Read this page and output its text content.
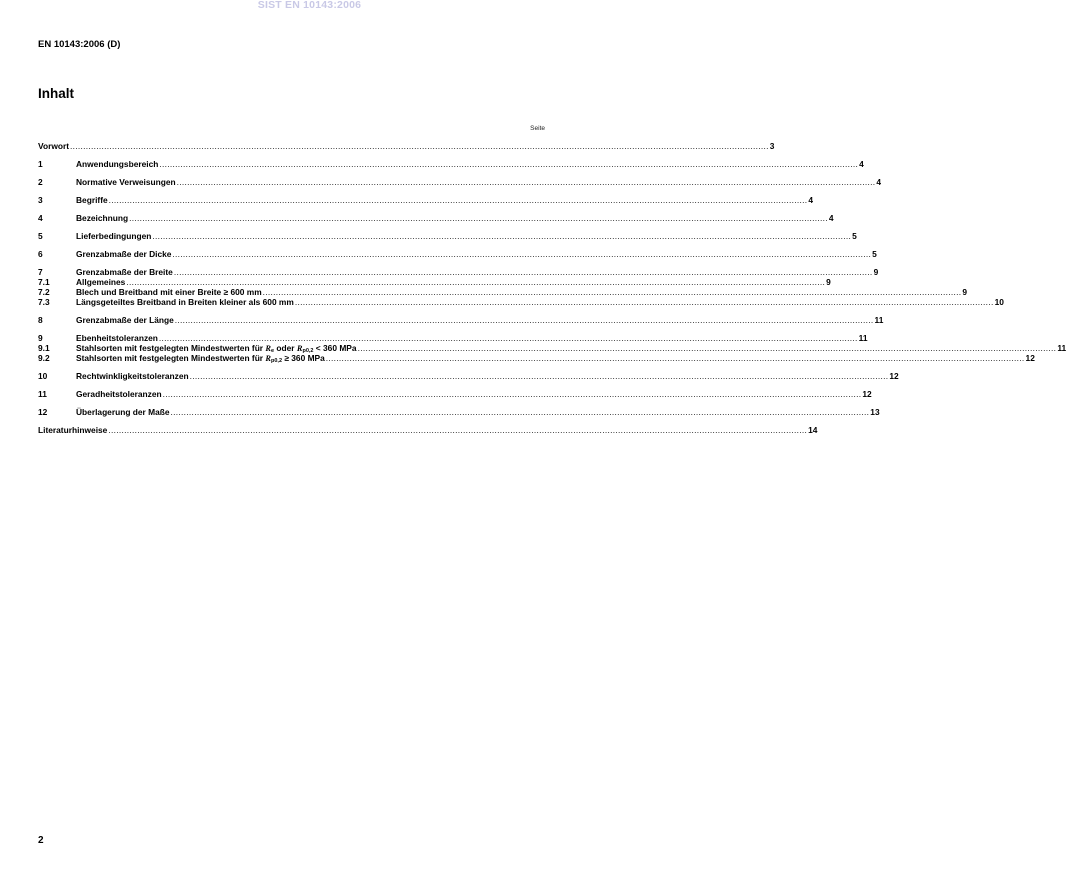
SIST EN 10143:2006
EN 10143:2006 (D)
Inhalt
Seite
Vorwort .......................................................................................................................................................................................................................................................................... 3
1	Anwendungsbereich .......................................................................................................................................................................................................................................................................... 4
2	Normative Verweisungen .......................................................................................................................................................................................................................................................................... 4
3	Begriffe .......................................................................................................................................................................................................................................................................... 4
4	Bezeichnung .......................................................................................................................................................................................................................................................................... 4
5	Lieferbedingungen .......................................................................................................................................................................................................................................................................... 5
6	Grenzabmaße der Dicke .......................................................................................................................................................................................................................................................................... 5
7	Grenzabmaße der Breite .......................................................................................................................................................................................................................................................................... 9
7.1	Allgemeines .......................................................................................................................................................................................................................................................................... 9
7.2	Blech und Breitband mit einer Breite ≥ 600 mm .......................................................................................................................................................................................................................................................................... 9
7.3	Längsgeteiltes Breitband in Breiten kleiner als 600 mm .......................................................................................................................................................................................................................................................................... 10
8	Grenzabmaße der Länge .......................................................................................................................................................................................................................................................................... 11
9	Ebenheitstoleranzen .......................................................................................................................................................................................................................................................................... 11
9.1	Stahlsorten mit festgelegten Mindestwerten für $R_e$ oder $R_{p0,2} < 360$ MPa .......................................................................................................................................................................................................................................................................... 11
9.2	Stahlsorten mit festgelegten Mindestwerten für $R_{p0,2} \ge 360$ MPa .......................................................................................................................................................................................................................................................................... 12
10	Rechtwinkligkeitstoleranzen .......................................................................................................................................................................................................................................................................... 12
11	Geradheitstoleranzen .......................................................................................................................................................................................................................................................................... 12
12	Überlagerung der Maße .......................................................................................................................................................................................................................................................................... 13
Literaturhinweise .......................................................................................................................................................................................................................................................................... 14
2
